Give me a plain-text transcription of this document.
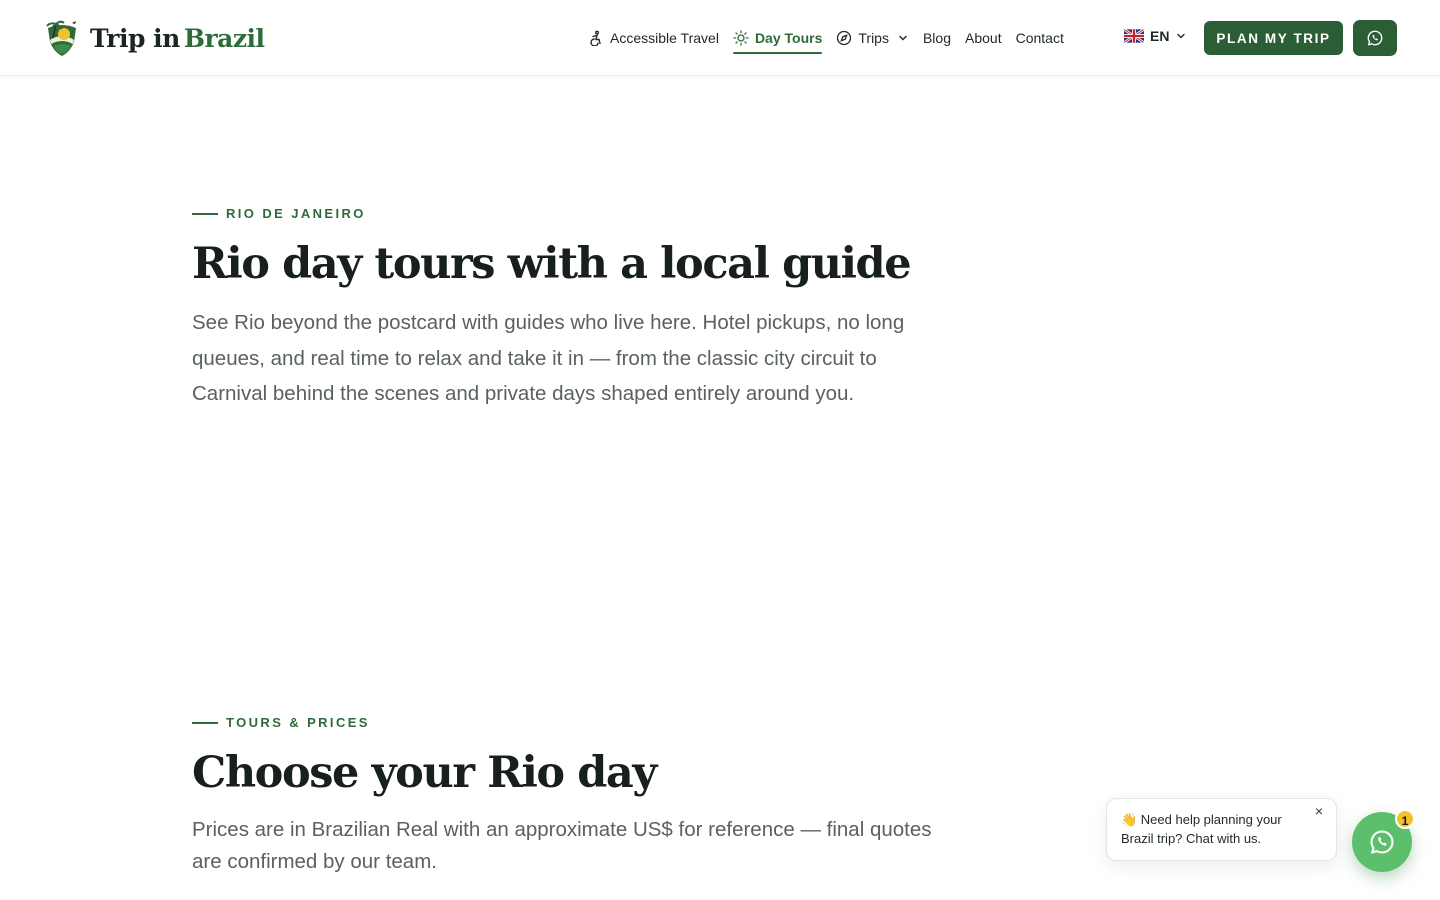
Trip in Brazil	Accessible Travel	Day Tours	Trips Blog About Contact	EN	PLAN MY TRIP
RIO DE JANEIRO
Rio day tours with a local guide

See Rio beyond the postcard with guides who live here. Hotel pickups, no long
queues, and real time to relax and take it in — from the classic city circuit to
Carnival behind the scenes and private days shaped entirely around you.

TOURS & PRICES
Choose your Rio day

Prices are in Brazilian Real with an approximate US$ for reference — final quotes
are confirmed by our team.

×
👋 Need help planning your
Brazil trip? Chat with us.
1
